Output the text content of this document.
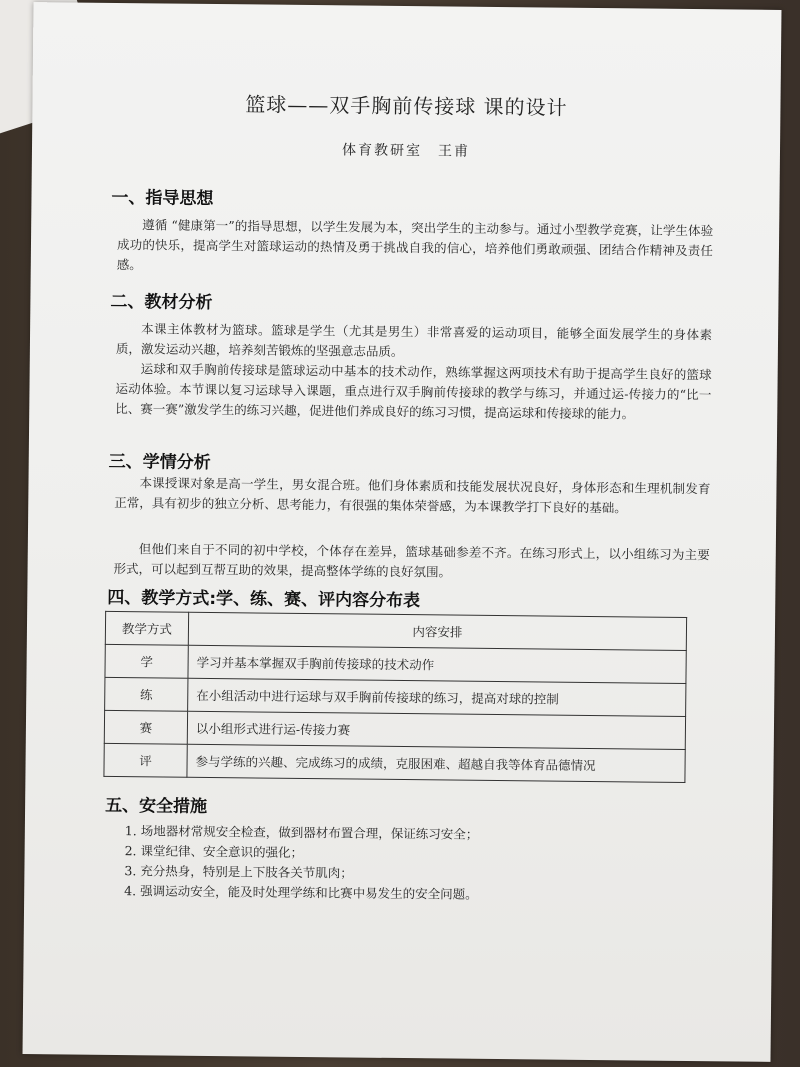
篮球——双手胸前传接球 课的设计
体育教研室　王甫
一、指导思想
遵循 “健康第一”的指导思想，以学生发展为本，突出学生的主动参与。通过小型教学竞赛，让学生体验成功的快乐，提高学生对篮球运动的热情及勇于挑战自我的信心，培养他们勇敢顽强、团结合作精神及责任感。
二、教材分析
本课主体教材为篮球。篮球是学生（尤其是男生）非常喜爱的运动项目，能够全面发展学生的身体素质，激发运动兴趣，培养刻苦锻炼的坚强意志品质。
运球和双手胸前传接球是篮球运动中基本的技术动作，熟练掌握这两项技术有助于提高学生良好的篮球运动体验。本节课以复习运球导入课题，重点进行双手胸前传接球的教学与练习，并通过运-传接力的“比一比、赛一赛”激发学生的练习兴趣，促进他们养成良好的练习习惯，提高运球和传接球的能力。
三、学情分析
本课授课对象是高一学生，男女混合班。他们身体素质和技能发展状况良好，身体形态和生理机制发育正常，具有初步的独立分析、思考能力，有很强的集体荣誉感，为本课教学打下良好的基础。
但他们来自于不同的初中学校，个体存在差异，篮球基础参差不齐。在练习形式上，以小组练习为主要形式，可以起到互帮互助的效果，提高整体学练的良好氛围。
四、教学方式:学、练、赛、评内容分布表
教学方式	内容安排
学	学习并基本掌握双手胸前传接球的技术动作
练	在小组活动中进行运球与双手胸前传接球的练习，提高对球的控制
赛	以小组形式进行运-传接力赛
评	参与学练的兴趣、完成练习的成绩，克服困难、超越自我等体育品德情况
五、安全措施
1. 场地器材常规安全检查，做到器材布置合理，保证练习安全；
2. 课堂纪律、安全意识的强化；
3. 充分热身，特别是上下肢各关节肌肉；
4. 强调运动安全，能及时处理学练和比赛中易发生的安全问题。
